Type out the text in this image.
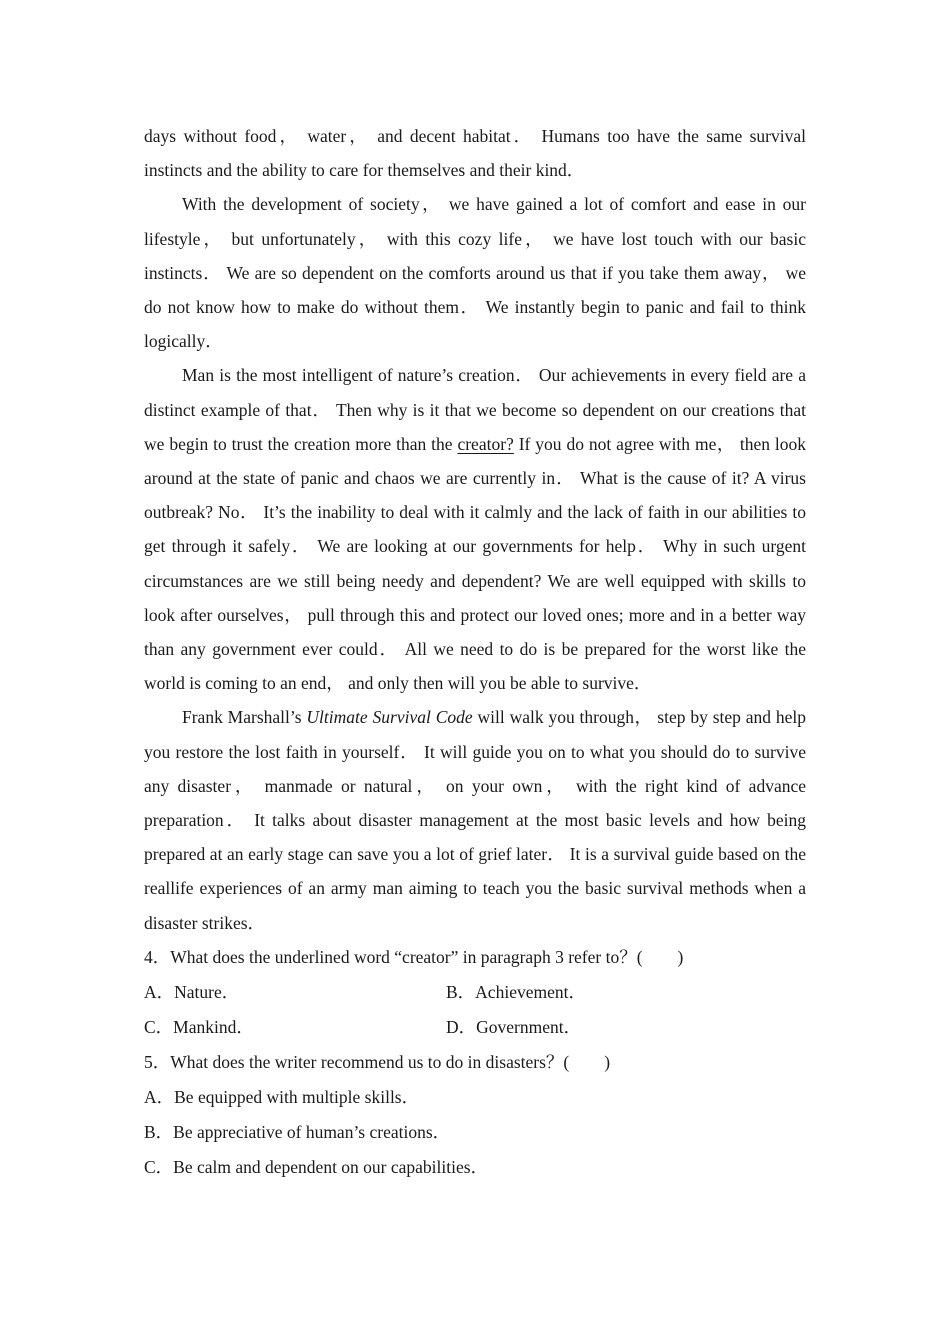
days without food， water， and decent habitat． Humans too have the same survival instincts and the ability to care for themselves and their kind．

With the development of society， we have gained a lot of comfort and ease in our lifestyle， but unfortunately， with this cozy life， we have lost touch with our basic instincts． We are so dependent on the comforts around us that if you take them away， we do not know how to make do without them． We instantly begin to panic and fail to think logically．

Man is the most intelligent of nature’s creation． Our achievements in every field are a distinct example of that． Then why is it that we become so dependent on our creations that we begin to trust the creation more than the creator? If you do not agree with me， then look around at the state of panic and chaos we are currently in． What is the cause of it? A virus outbreak? No． It’s the inability to deal with it calmly and the lack of faith in our abilities to get through it safely． We are looking at our governments for help． Why in such urgent circumstances are we still being needy and dependent? We are well equipped with skills to look after ourselves， pull through this and protect our loved ones; more and in a better way than any government ever could． All we need to do is be prepared for the worst like the world is coming to an end， and only then will you be able to survive．

Frank Marshall’s Ultimate Survival Code will walk you through， step by step and help you restore the lost faith in yourself． It will guide you on to what you should do to survive any disaster， manmade or natural， on your own， with the right kind of advance preparation． It talks about disaster management at the most basic levels and how being prepared at an early stage can save you a lot of grief later． It is a survival guide based on the reallife experiences of an army man aiming to teach you the basic survival methods when a disaster strikes．

4．What does the underlined word “creator” in paragraph 3 refer to？(　　)

A．Nature．	B．Achievement．

C．Mankind．	D．Government．

5．What does the writer recommend us to do in disasters？(　　)

A．Be equipped with multiple skills．

B．Be appreciative of human’s creations．

C．Be calm and dependent on our capabilities．
